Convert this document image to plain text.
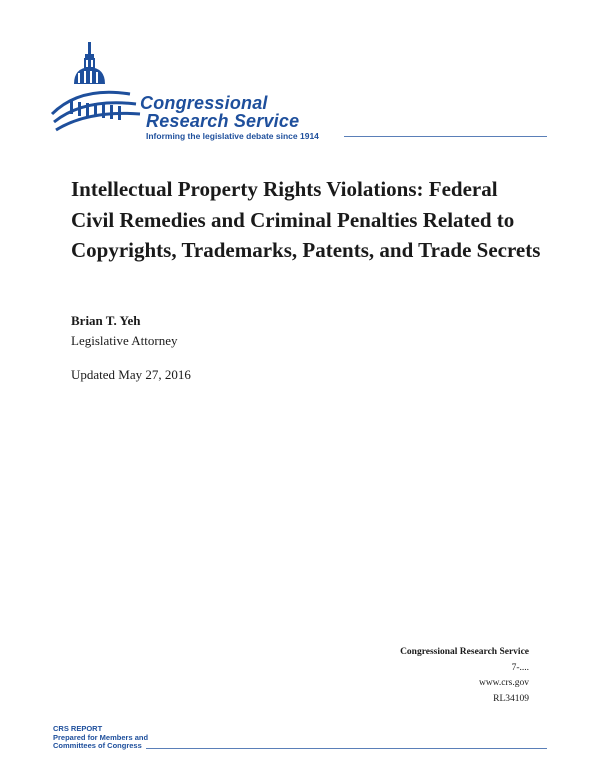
Congressional
Research Service
Informing the legislative debate since 1914
Intellectual Property Rights Violations: Federal Civil Remedies and Criminal Penalties Related to Copyrights, Trademarks, Patents, and Trade Secrets
Brian T. Yeh
Legislative Attorney
Updated May 27, 2016
Congressional Research Service
7-....
www.crs.gov
RL34109
CRS REPORT
Prepared for Members and
Committees of Congress
